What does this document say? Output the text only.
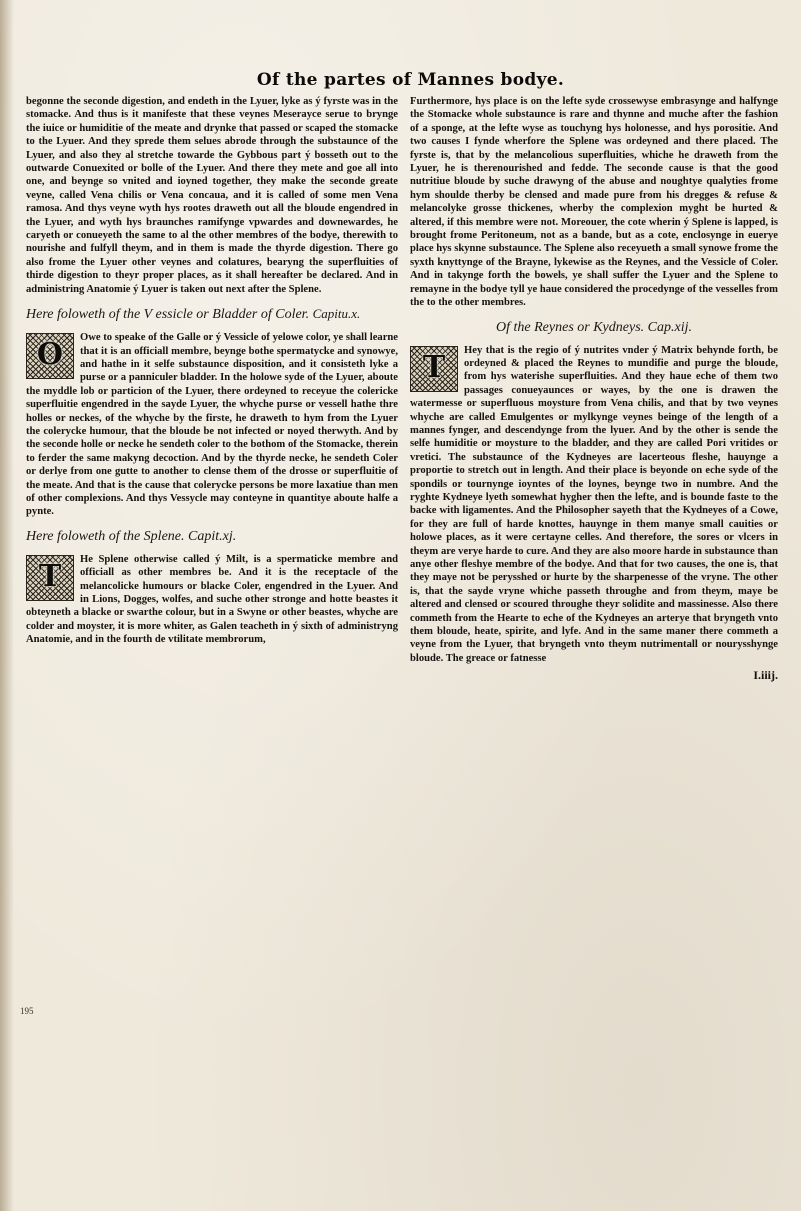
Of the partes of Mannes bodye.

begonne the seconde digestion, and endeth in the Lyuer, lyke as ý fyrste was in the stomacke. And thus is it manifeste that these veynes Meserayce serue to brynge the iuice or humiditie of the meate and drynke that passed or scaped the stomacke to the Lyuer. And they sprede them selues abrode through the substaunce of the Lyuer, and also they al stretche towarde the Gybbous part ý bosseth out to the outwarde Conuexited or bolle of the Lyuer. And there they mete and goe all into one, and beynge so vnited and ioyned together, they make the seconde greate veyne, called Vena chilis or Vena concaua, and it is called of some men Vena ramosa. And thys veyne wyth hys rootes draweth out all the bloude engendred in the Lyuer, and wyth hys braunches ramifynge vpwardes and downewardes, he caryeth or conueyeth the same to al the other membres of the bodye, therewith to nourishe and fulfyll theym, and in them is made the thyrde digestion. There go also frome the Lyuer other veynes and colatures, bearyng the superfluities of thirde digestion to theyr proper places, as it shall hereafter be declared. And in administring Anatomie ý Lyuer is taken out next after the Splene.

Here foloweth of the V essicle or Bladder of Coler. Capitu.x.
O	Owe to speake of the Galle or ý Vessicle of yelowe color, ye shall learne that it is an officiall membre, beynge bothe spermatycke and synowye, and hathe in it selfe substaunce disposition, and it consisteth lyke a purse or a panniculer bladder. In the holowe syde of the Lyuer, aboute the myddle lob or particion of the Lyuer, there ordeyned to receyue the colericke superfluitie engendred in the sayde Lyuer, the whyche purse or vessell hathe thre holles or neckes, of the whyche by the firste, he draweth to hym from the Lyuer the colerycke humour, that the bloude be not infected or noyed therwyth. And by the seconde holle or necke he sendeth coler to the bothom of the Stomacke, therein to ferder the same makyng decoction. And by the thyrde necke, he sendeth Coler or derlye from one gutte to another to clense them of the drosse or superfluitie of the meate. And that is the cause that colerycke persons be more laxatiue than men of other complexions. And thys Vessycle may conteyne in quantitye aboute halfe a pynte.

Here foloweth of the Splene. Capit.xj.
T	He Splene otherwise called ý Milt, is a spermaticke membre and officiall as other membres be. And it is the receptacle of the melancolicke humours or blacke Coler, engendred in the Lyuer. And in Lions, Dogges, wolfes, and suche other stronge and hotte beastes it obteyneth a blacke or swarthe colour, but in a Swyne or other beastes, whyche are colder and moyster, it is more whiter, as Galen teacheth in ý sixth of administryng Anatomie, and in the fourth de vtilitate membrorum,

Furthermore, hys place is on the lefte syde crossewyse embrasynge and halfynge the Stomacke whole substaunce is rare and thynne and muche after the fashion of a sponge, at the lefte wyse as touchyng hys holonesse, and hys porositie. And two causes I fynde wherfore the Splene was ordeyned and there placed. The fyrste is, that by the melancolious superfluities, whiche he draweth from the Lyuer, he is therenourished and fedde. The seconde cause is that the good nutritiue bloude by suche drawyng of the abuse and noughtye qualyties frome hym shoulde therby be clensed and made pure from his dregges & refuse & melancolyke grosse thickenes, wherby the complexion myght be hurted & altered, if this membre were not. Moreouer, the cote wherin ý Splene is lapped, is brought frome Peritoneum, not as a bande, but as a cote, enclosynge in euerye place hys skynne substaunce. The Splene also receyueth a small synowe frome the syxth knyttynge of the Brayne, lykewise as the Reynes, and the Vessicle of Coler. And in takynge forth the bowels, ye shall suffer the Lyuer and the Splene to remayne in the bodye tyll ye haue considered the procedynge of the vesselles from the to the other membres.

Of the Reynes or Kydneys. Cap.xij.
T	Hey that is the regio of ý nutrites vnder ý Matrix behynde forth, be ordeyned & placed the Reynes to mundifie and purge the bloude, from hys waterishe superfluities. And they haue eche of them two passages conueyaunces or wayes, by the one is drawen the watermesse or superfluous moysture from Vena chilis, and that by two veynes whyche are called Emulgentes or mylkynge veynes beinge of the length of a mannes fynger, and descendynge from the lyuer. And by the other is sende the selfe humiditie or moysture to the bladder, and they are called Pori vritides or vretici. The substaunce of the Kydneyes are lacerteous fleshe, hauynge a proportie to stretch out in length. And their place is beyonde on eche syde of the spondils or tournynge ioyntes of the loynes, beynge two in numbre. And the ryghte Kydneye lyeth somewhat hygher then the lefte, and is bounde faste to the backe with ligamentes. And the Philosopher sayeth that the Kydneyes of a Cowe, for they are full of harde knottes, hauynge in them manye small cauities or holowe places, as it were certayne celles. And therefore, the sores or vlcers in theym are verye harde to cure. And they are also moore harde in substaunce than anye other fleshye membre of the bodye. And that for two causes, the one is, that they maye not be perysshed or hurte by the sharpenesse of the vryne. The other is, that the sayde vryne whiche passeth throughe and from theym, maye be altered and clensed or scoured throughe theyr solidite and massinesse. Also there commeth from the Hearte to eche of the Kydneyes an arterye that bryngeth vnto them bloude, heate, spirite, and lyfe. And in the same maner there commeth a veyne from the Lyuer, that bryngeth vnto theym nutrimentall or nourysshynge bloude. The greace or fatnesse

I.iiij.
195
